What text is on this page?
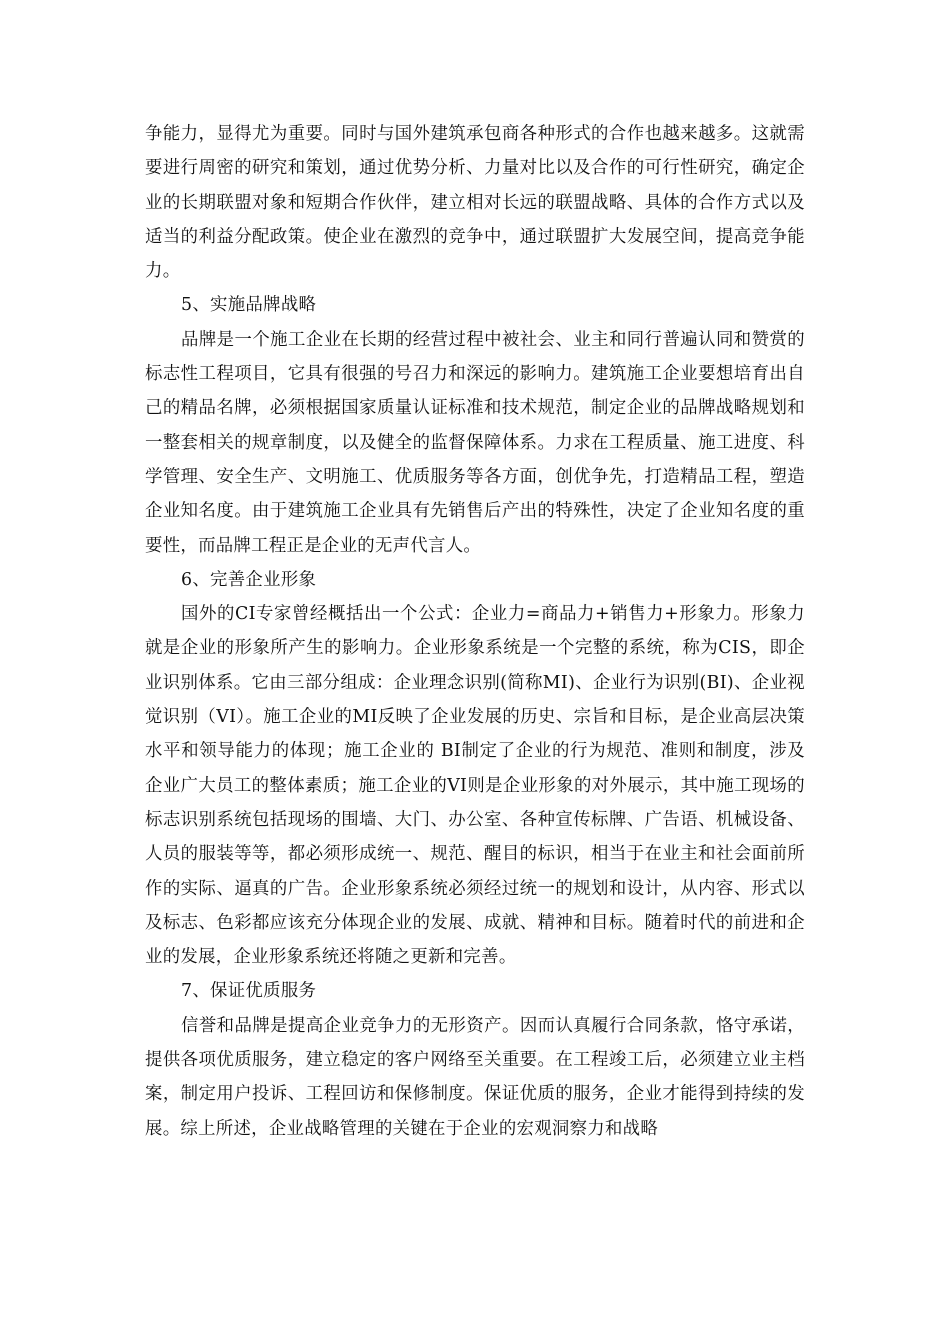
争能力，显得尤为重要。同时与国外建筑承包商各种形式的合作也越来越多。这就需要进行周密的研究和策划，通过优势分析、力量对比以及合作的可行性研究，确定企业的长期联盟对象和短期合作伙伴，建立相对长远的联盟战略、具体的合作方式以及适当的利益分配政策。使企业在激烈的竞争中，通过联盟扩大发展空间，提高竞争能力。

5、实施品牌战略

品牌是一个施工企业在长期的经营过程中被社会、业主和同行普遍认同和赞赏的标志性工程项目，它具有很强的号召力和深远的影响力。建筑施工企业要想培育出自己的精品名牌，必须根据国家质量认证标准和技术规范，制定企业的品牌战略规划和一整套相关的规章制度，以及健全的监督保障体系。力求在工程质量、施工进度、科学管理、安全生产、文明施工、优质服务等各方面，创优争先，打造精品工程，塑造企业知名度。由于建筑施工企业具有先销售后产出的特殊性，决定了企业知名度的重要性，而品牌工程正是企业的无声代言人。

6、完善企业形象

国外的CI专家曾经概括出一个公式：企业力=商品力+销售力+形象力。形象力就是企业的形象所产生的影响力。企业形象系统是一个完整的系统，称为CIS，即企业识别体系。它由三部分组成：企业理念识别(简称MI)、企业行为识别(BI)、企业视觉识别（VI）。施工企业的MI反映了企业发展的历史、宗旨和目标，是企业高层决策水平和领导能力的体现；施工企业的 BI制定了企业的行为规范、准则和制度，涉及企业广大员工的整体素质；施工企业的VI则是企业形象的对外展示，其中施工现场的标志识别系统包括现场的围墙、大门、办公室、各种宣传标牌、广告语、机械设备、人员的服装等等，都必须形成统一、规范、醒目的标识，相当于在业主和社会面前所作的实际、逼真的广告。企业形象系统必须经过统一的规划和设计，从内容、形式以及标志、色彩都应该充分体现企业的发展、成就、精神和目标。随着时代的前进和企业的发展，企业形象系统还将随之更新和完善。

7、保证优质服务

信誉和品牌是提高企业竞争力的无形资产。因而认真履行合同条款，恪守承诺，提供各项优质服务，建立稳定的客户网络至关重要。在工程竣工后，必须建立业主档案，制定用户投诉、工程回访和保修制度。保证优质的服务，企业才能得到持续的发展。综上所述，企业战略管理的关键在于企业的宏观洞察力和战略
